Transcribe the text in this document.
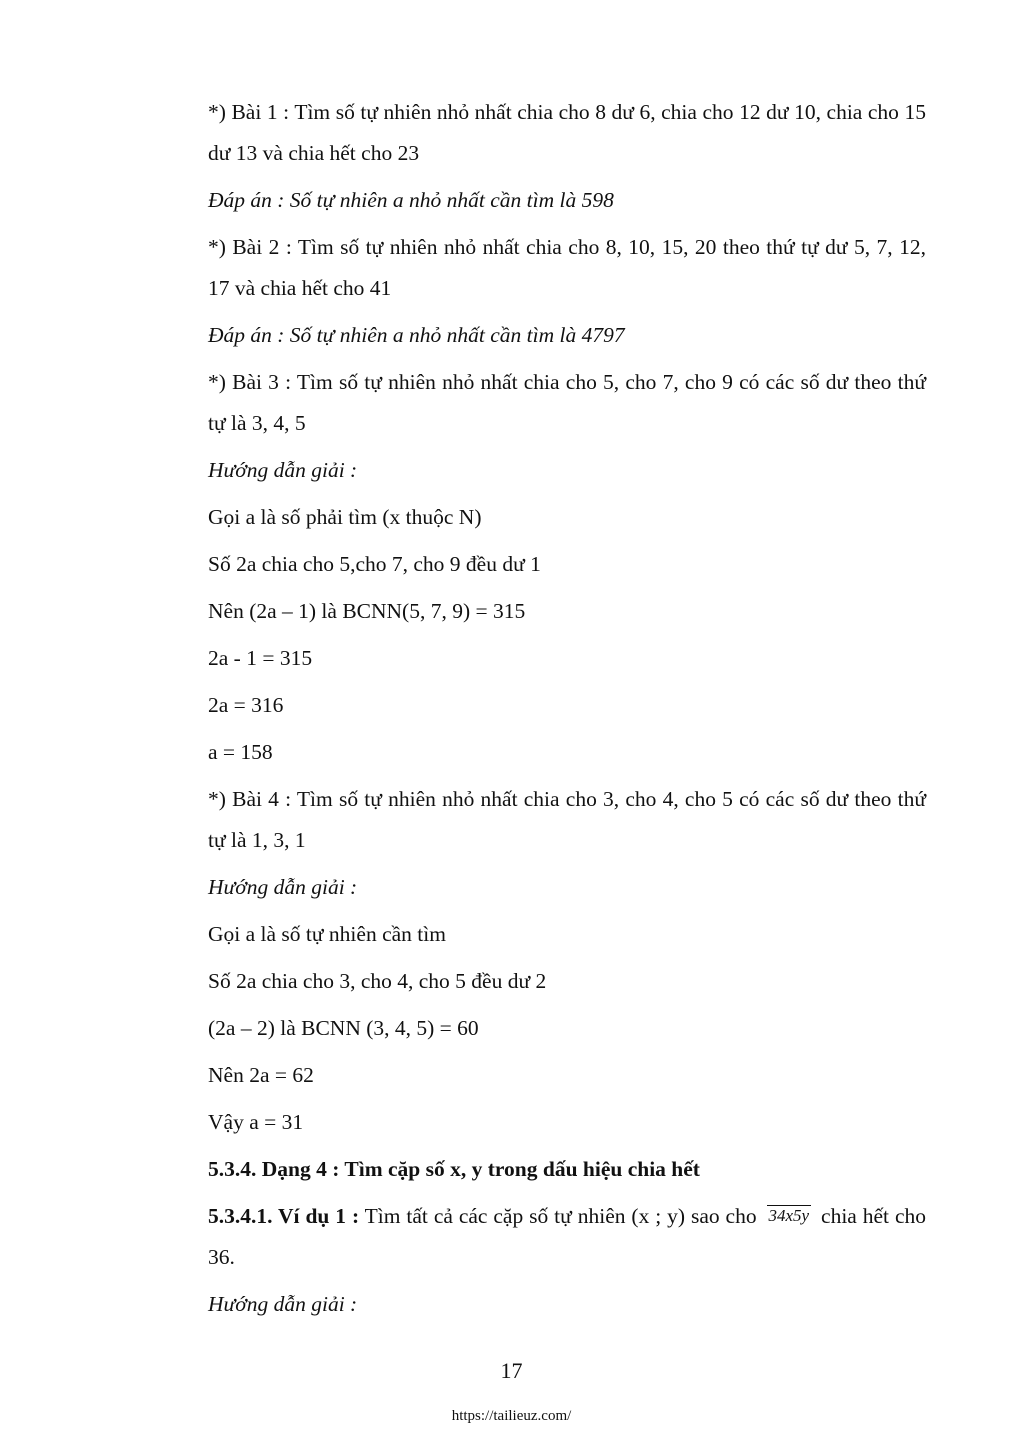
*) Bài 1 : Tìm số tự nhiên nhỏ nhất chia cho 8 dư 6, chia cho 12 dư 10, chia cho 15 dư 13 và chia hết cho 23

Đáp án : Số tự nhiên a nhỏ nhất cần tìm là 598

*) Bài 2 : Tìm số tự nhiên nhỏ nhất chia cho 8, 10, 15, 20 theo thứ tự dư 5, 7, 12, 17 và chia hết cho 41

Đáp án : Số tự nhiên a nhỏ nhất cần tìm là 4797

*) Bài 3 : Tìm số tự nhiên nhỏ nhất chia cho 5, cho 7, cho 9 có các số dư theo thứ tự là 3, 4, 5

Hướng dẫn giải :

Gọi a là số phải tìm (x thuộc N)

Số 2a chia cho 5,cho 7, cho 9 đều dư 1

Nên (2a – 1) là BCNN(5, 7, 9) = 315

2a - 1 = 315

2a = 316

a = 158

*) Bài 4 : Tìm số tự nhiên nhỏ nhất chia cho 3, cho 4, cho 5 có các số dư theo thứ tự là 1, 3, 1

Hướng dẫn giải :

Gọi a là số tự nhiên cần tìm

Số 2a chia cho 3, cho 4, cho 5 đều dư 2

(2a – 2) là BCNN (3, 4, 5) = 60

Nên 2a = 62

Vậy a = 31

5.3.4. Dạng 4 : Tìm cặp số x, y trong dấu hiệu chia hết

5.3.4.1. Ví dụ 1 : Tìm tất cả các cặp số tự nhiên (x ; y) sao cho 34x5y chia hết cho 36.

Hướng dẫn giải :

17
https://tailieuz.com/
